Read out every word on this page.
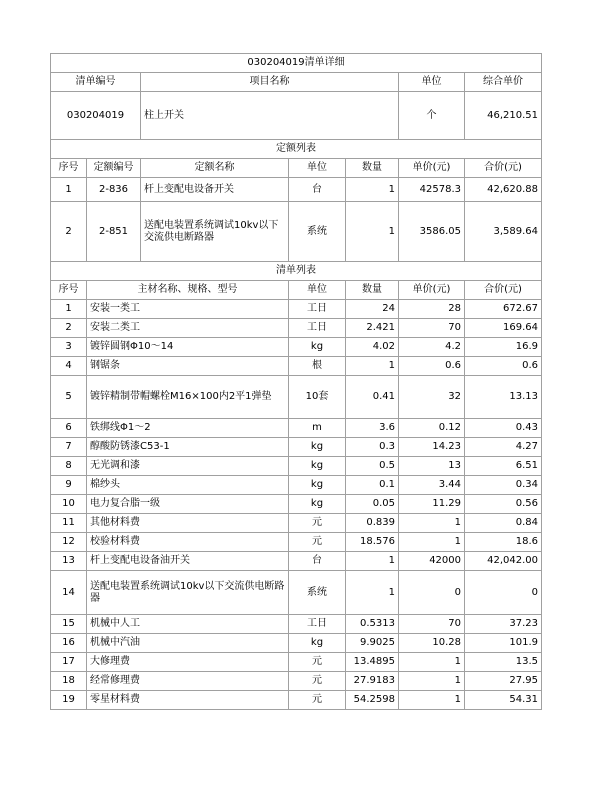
030204019清单详细						
清单编号		项目名称			单位	综合单价
030204019		柱上开关			个	46,210.51
定额列表						
序号	定额编号	定额名称	单位	数量	单价(元)	合价(元)
1	2-836	杆上变配电设备开关	台	1	42578.3	42,620.88
2	2-851	送配电装置系统调试10kv以下交流供电断路器	系统	1	3586.05	3,589.64
清单列表						
序号	主材名称、规格、型号		单位	数量	单价(元)	合价(元)
1	安装一类工		工日	24	28	672.67
2	安装二类工		工日	2.421	70	169.64
3	镀锌圆钢Φ10～14		kg	4.02	4.2	16.9
4	钢锯条		根	1	0.6	0.6
5	镀锌精制带帽螺栓M16×100内2平1弹垫		10套	0.41	32	13.13
6	铁绑线Φ1～2		m	3.6	0.12	0.43
7	醇酸防锈漆C53-1		kg	0.3	14.23	4.27
8	无光调和漆		kg	0.5	13	6.51
9	棉纱头		kg	0.1	3.44	0.34
10	电力复合脂一级		kg	0.05	11.29	0.56
11	其他材料费		元	0.839	1	0.84
12	校验材料费		元	18.576	1	18.6
13	杆上变配电设备油开关		台	1	42000	42,042.00
14	送配电装置系统调试10kv以下交流供电断路器		系统	1	0	0
15	机械中人工		工日	0.5313	70	37.23
16	机械中汽油		kg	9.9025	10.28	101.9
17	大修理费		元	13.4895	1	13.5
18	经常修理费		元	27.9183	1	27.95
19	零星材料费		元	54.2598	1	54.31
